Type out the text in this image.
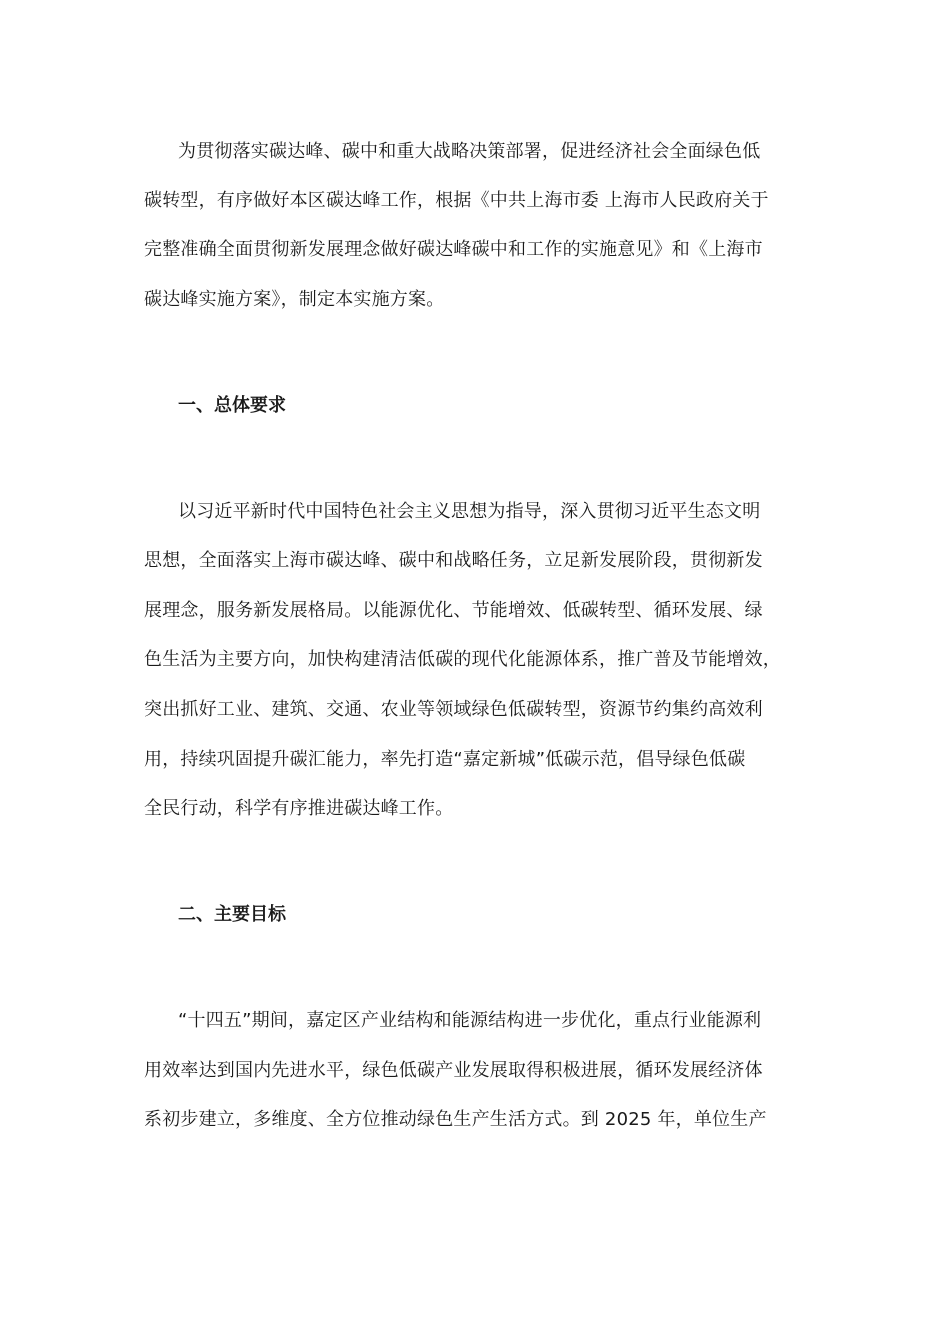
为贯彻落实碳达峰、碳中和重大战略决策部署，促进经济社会全面绿色低
碳转型，有序做好本区碳达峰工作，根据《中共上海市委 上海市人民政府关于
完整准确全面贯彻新发展理念做好碳达峰碳中和工作的实施意见》和《上海市
碳达峰实施方案》，制定本实施方案。
一、总体要求
以习近平新时代中国特色社会主义思想为指导，深入贯彻习近平生态文明
思想，全面落实上海市碳达峰、碳中和战略任务，立足新发展阶段，贯彻新发
展理念，服务新发展格局。以能源优化、节能增效、低碳转型、循环发展、绿
色生活为主要方向，加快构建清洁低碳的现代化能源体系，推广普及节能增效，
突出抓好工业、建筑、交通、农业等领域绿色低碳转型，资源节约集约高效利
用，持续巩固提升碳汇能力，率先打造“嘉定新城”低碳示范，倡导绿色低碳
全民行动，科学有序推进碳达峰工作。
二、主要目标
“十四五”期间，嘉定区产业结构和能源结构进一步优化，重点行业能源利
用效率达到国内先进水平，绿色低碳产业发展取得积极进展，循环发展经济体
系初步建立，多维度、全方位推动绿色生产生活方式。到 2025 年，单位生产
